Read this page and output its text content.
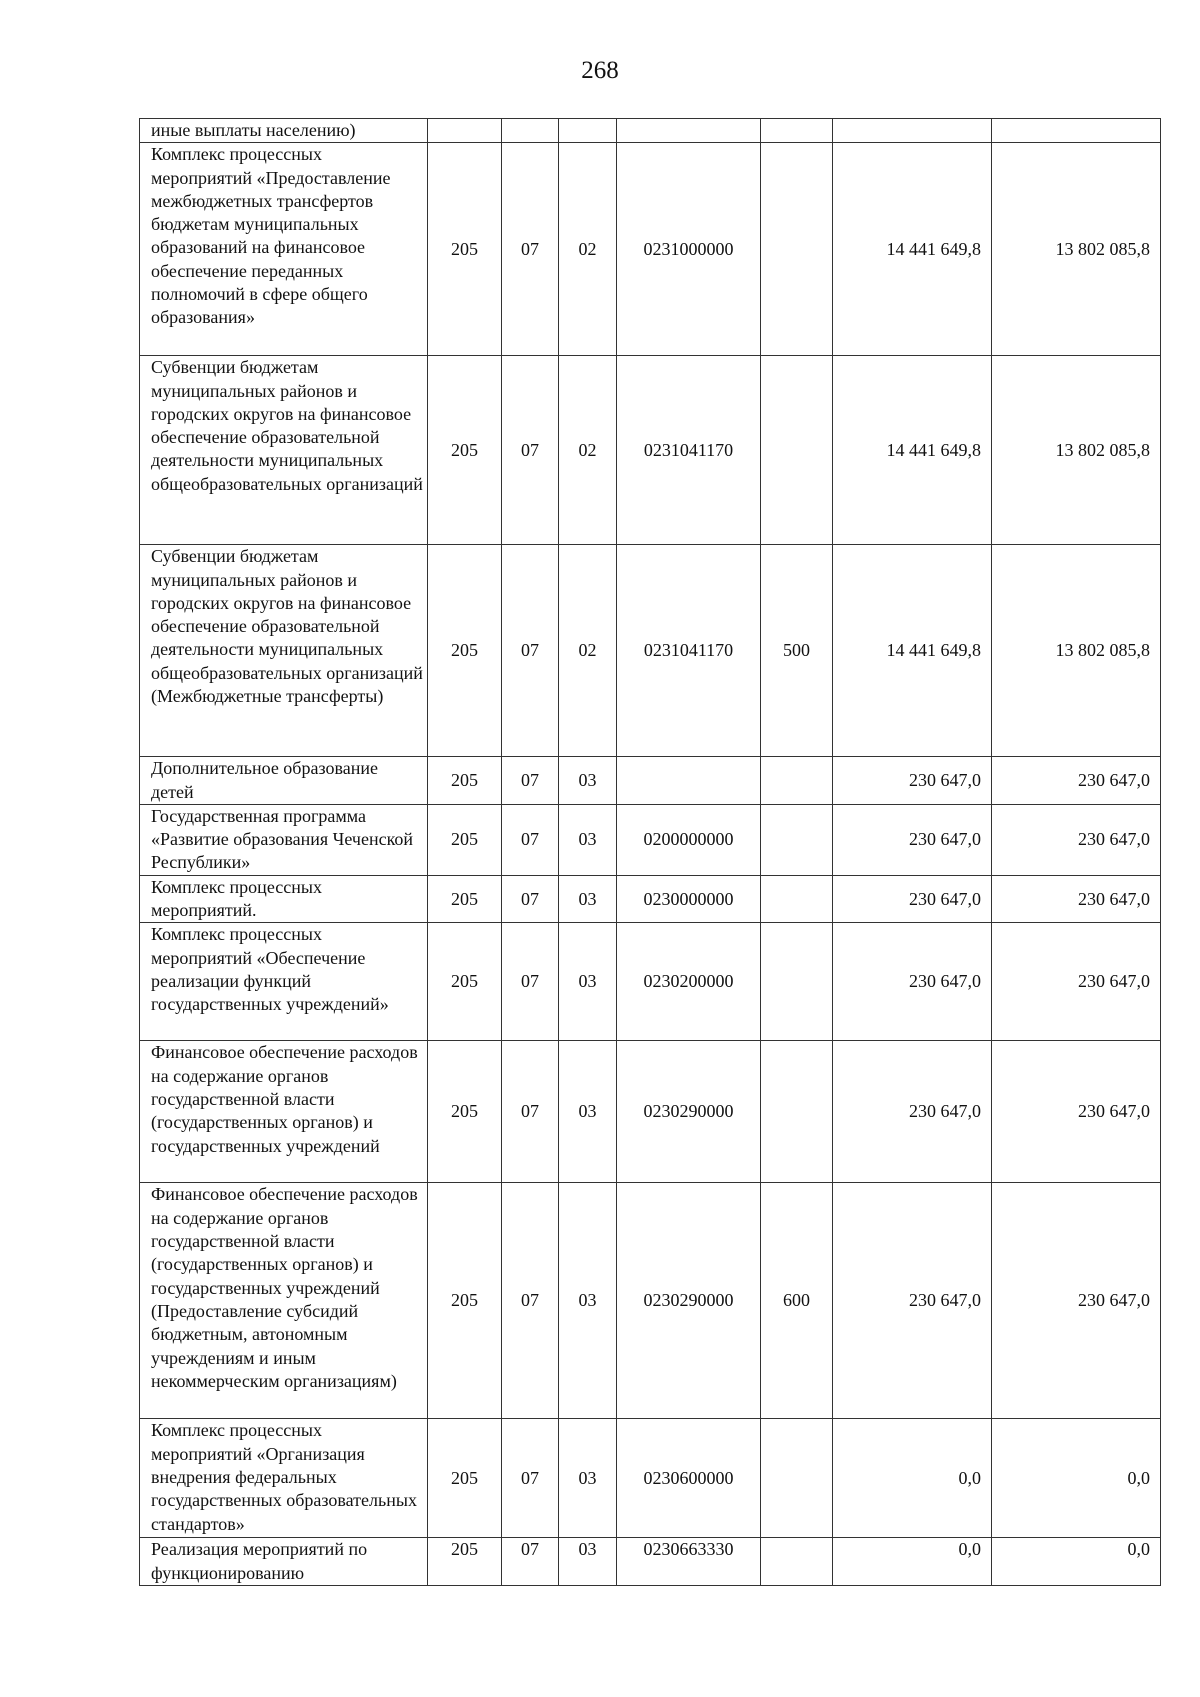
268
иные выплаты населению)							
Комплекс процессных мероприятий «Предоставление межбюджетных трансфертов бюджетам муниципальных образований на финансовое обеспечение переданных полномочий в сфере общего образования»	205	07	02	0231000000		14 441 649,8	13 802 085,8
Субвенции бюджетам муниципальных районов и городских округов на финансовое обеспечение образовательной деятельности муниципальных общеобразовательных организаций	205	07	02	0231041170		14 441 649,8	13 802 085,8
Субвенции бюджетам муниципальных районов и городских округов на финансовое обеспечение образовательной деятельности муниципальных общеобразовательных организаций (Межбюджетные трансферты)	205	07	02	0231041170	500	14 441 649,8	13 802 085,8
Дополнительное образование детей	205	07	03			230 647,0	230 647,0
Государственная программа «Развитие образования Чеченской Республики»	205	07	03	0200000000		230 647,0	230 647,0
Комплекс процессных мероприятий.	205	07	03	0230000000		230 647,0	230 647,0
Комплекс процессных мероприятий «Обеспечение реализации функций государственных учреждений»	205	07	03	0230200000		230 647,0	230 647,0
Финансовое обеспечение расходов на содержание органов государственной власти (государственных органов) и государственных учреждений	205	07	03	0230290000		230 647,0	230 647,0
Финансовое обеспечение расходов на содержание органов государственной власти (государственных органов) и государственных учреждений (Предоставление субсидий бюджетным, автономным учреждениям и иным некоммерческим организациям)	205	07	03	0230290000	600	230 647,0	230 647,0
Комплекс процессных мероприятий «Организация внедрения федеральных государственных образовательных стандартов»	205	07	03	0230600000		0,0	0,0
Реализация мероприятий по функционированию	205	07	03	0230663330		0,0	0,0
